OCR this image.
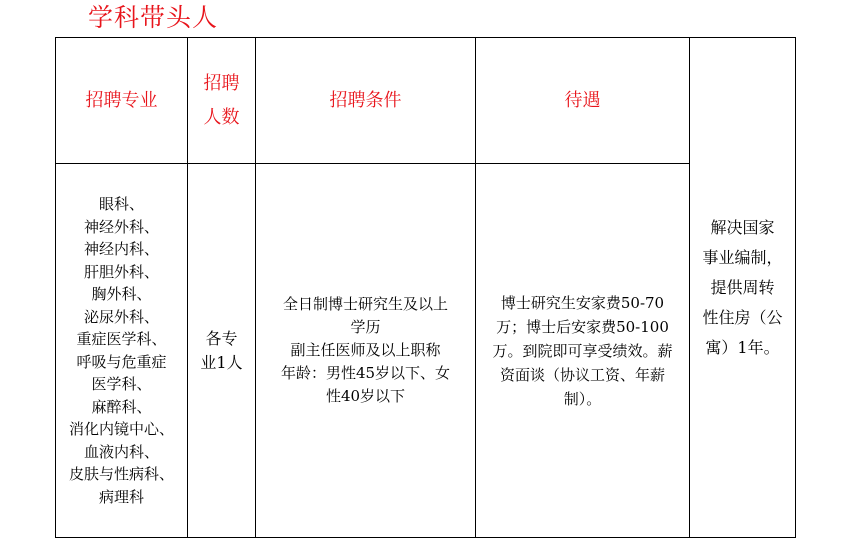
学科带头人
招聘专业
招聘
人数
招聘条件	待遇
眼科、
神经外科、
神经内科、
肝胆外科、
胸外科、
泌尿外科、
重症医学科、
呼吸与危重症
医学科、
麻醉科、
消化内镜中心、
血液内科、
皮肤与性病科、
病理科
各专
业1人
全日制博士研究生及以上
学历
副主任医师及以上职称
年龄：男性45岁以下、女
性40岁以下
博士研究生安家费50-70
万；博士后安家费50-100
万。到院即可享受绩效。薪
资面谈（协议工资、年薪
制）。
解决国家
事业编制，
提供周转
性住房（公
寓）1年。
